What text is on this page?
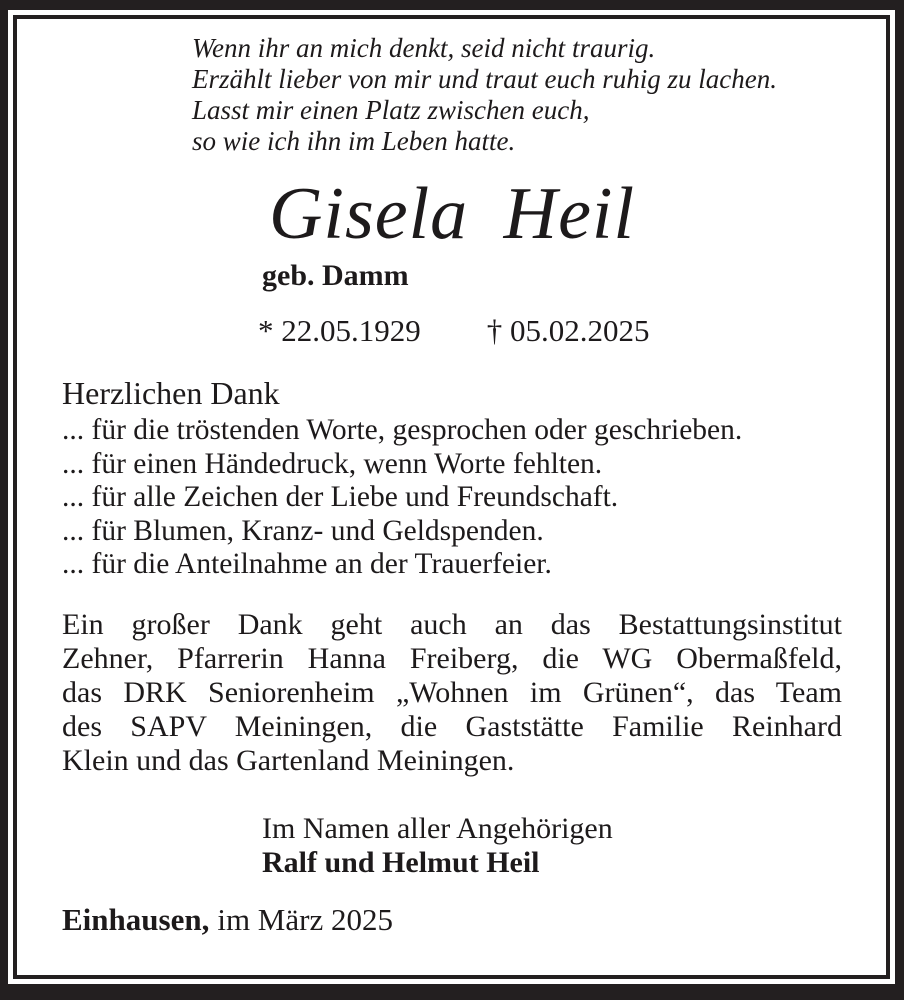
Wenn ihr an mich denkt, seid nicht traurig.
Erzählt lieber von mir und traut euch ruhig zu lachen.
Lasst mir einen Platz zwischen euch,
so wie ich ihn im Leben hatte.
Gisela Heil
geb. Damm
* 22.05.1929 † 05.02.2025
Herzlichen Dank
... für die tröstenden Worte, gesprochen oder geschrieben.
... für einen Händedruck, wenn Worte fehlten.
... für alle Zeichen der Liebe und Freundschaft.
... für Blumen, Kranz- und Geldspenden.
... für die Anteilnahme an der Trauerfeier.
Ein großer Dank geht auch an das Bestattungsinstitut
Zehner, Pfarrerin Hanna Freiberg, die WG Obermaßfeld,
das DRK Seniorenheim „Wohnen im Grünen“, das Team
des SAPV Meiningen, die Gaststätte Familie Reinhard
Klein und das Gartenland Meiningen.
Im Namen aller Angehörigen
Ralf und Helmut Heil
Einhausen, im März 2025
